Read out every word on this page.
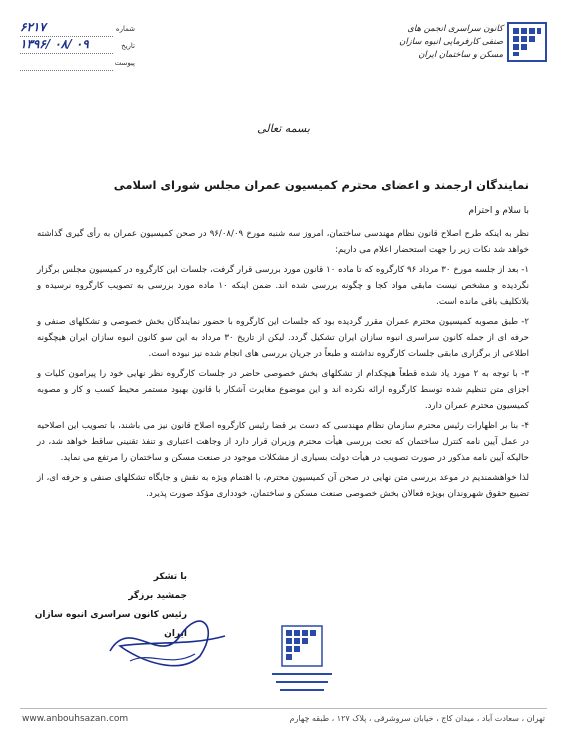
کانون سراسری انجمن های
صنفی کارفرمایی انبوه سازان
مسکن و ساختمان ایران
شماره
۶۲۱۷
تاریخ
۱۳۹۶/ ۰۸/ ۰۹
پیوست
بسمه تعالی
نمایندگان ارجمند و اعضای محترم کمیسیون عمران مجلس شورای اسلامی
با سلام و احترام

نظر به اینکه طرح اصلاح قانون نظام مهندسی ساختمان، امروز سه شنبه مورخ ۹۶/۰۸/۰۹ در صحن کمیسیون عمران به رأی گیری گذاشته خواهد شد نکات زیر را جهت استحضار اعلام می داریم:

۱- بعد از جلسه مورخ ۳۰ مرداد ۹۶ کارگروه که تا ماده ۱۰ قانون مورد بررسی قرار گرفت، جلسات این کارگروه در کمیسیون مجلس برگزار نگردیده و مشخص نیست مابقی مواد کجا و چگونه بررسی شده اند. ضمن اینکه ۱۰ ماده مورد بررسی به تصویب کارگروه نرسیده و بلاتکلیف باقی مانده است.

۲- طبق مصوبه کمیسیون محترم عمران مقرر گردیده بود که جلسات این کارگروه با حضور نمایندگان بخش خصوصی و تشکلهای صنفی و حرفه ای از جمله کانون سراسری انبوه سازان ایران تشکیل گردد. لیکن از تاریخ ۳۰ مرداد به این سو کانون انبوه سازان ایران هیچگونه اطلاعی از برگزاری مابقی جلسات کارگروه نداشته و طبعاً در جریان بررسی های انجام شده نیز نبوده است.

۳- با توجه به ۲ مورد یاد شده قطعاً هیچکدام از تشکلهای بخش خصوصی حاضر در جلسات کارگروه نظر نهایی خود را پیرامون کلیات و اجزای متن تنظیم شده توسط کارگروه ارائه نکرده اند و این موضوع مغایرت آشکار با قانون بهبود مستمر محیط کسب و کار و مصوبه کمیسیون محترم عمران دارد.

۴- بنا بر اظهارات رئیس محترم سازمان نظام مهندسی که دست بر قضا رئیس کارگروه اصلاح قانون نیز می باشند، با تصویب این اصلاحیه در عمل آیین نامه کنترل ساختمان که تحت بررسی هیأت محترم وزیران قرار دارد از وجاهت اعتباری و تنفذ تقنینی ساقط خواهد شد، در حالیکه آیین نامه مذکور در صورت تصویب در هیأت دولت بسیاری از مشکلات موجود در صنعت مسکن و ساختمان را مرتفع می نماید.

لذا خواهشمندیم در موعد بررسی متن نهایی در صحن آن کمیسیون محترم، با اهتمام ویژه به نقش و جایگاه تشکلهای صنفی و حرفه ای، از تضییع حقوق شهروندان بویژه فعالان بخش خصوصی صنعت مسکن و ساختمان، خودداری مؤکد صورت پذیرد.

با تشکر
جمشید برزگر
رئیس کانون سراسری انبوه سازان ایران
www.anbouhsazan.com	تهران ، سعادت آباد ، میدان کاج ، خیابان سروشرقی ، پلاک ۱۲۷ ، طبقه چهارم
